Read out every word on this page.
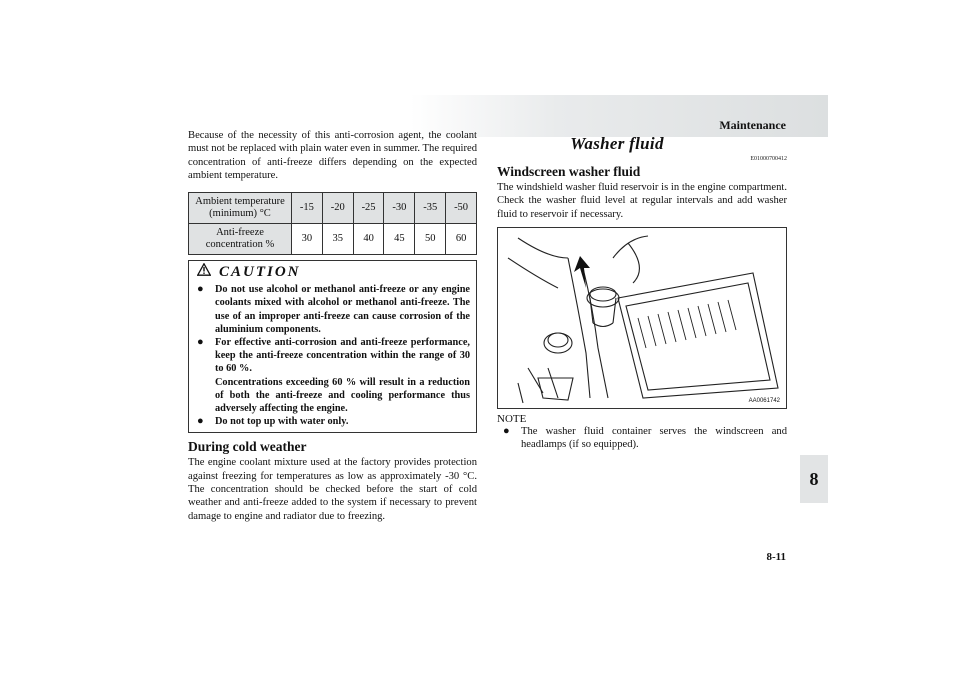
Maintenance
8

Because of the necessity of this anti-corrosion agent, the coolant must not be replaced with plain water even in summer. The required concentration of anti-freeze differs depending on the expected ambient temperature.

Ambient temperature (minimum) °C	-15	-20	-25	-30	-35	-50
Anti-freeze concentration %	30	35	40	45	50	60
CAUTION
● Do not use alcohol or methanol anti-freeze or any engine coolants mixed with alcohol or methanol anti-freeze. The use of an improper anti-freeze can cause corrosion of the aluminium components.
● For effective anti-corrosion and anti-freeze performance, keep the anti-freeze concentration within the range of 30 to 60 %.
Concentrations exceeding 60 % will result in a reduction of both the anti-freeze and cooling performance thus adversely affecting the engine.
● Do not top up with water only.
During cold weather

The engine coolant mixture used at the factory provides protection against freezing for temperatures as low as approximately -30 °C. The concentration should be checked before the start of cold weather and anti-freeze added to the system if necessary to prevent damage to engine and radiator due to freezing.

Washer fluid
E01000700412
Windscreen washer fluid

The windshield washer fluid reservoir is in the engine compartment. Check the washer fluid level at regular intervals and add washer fluid to reservoir if necessary.

AA0061742
NOTE
● The washer fluid container serves the windscreen and headlamps (if so equipped).
8-11
